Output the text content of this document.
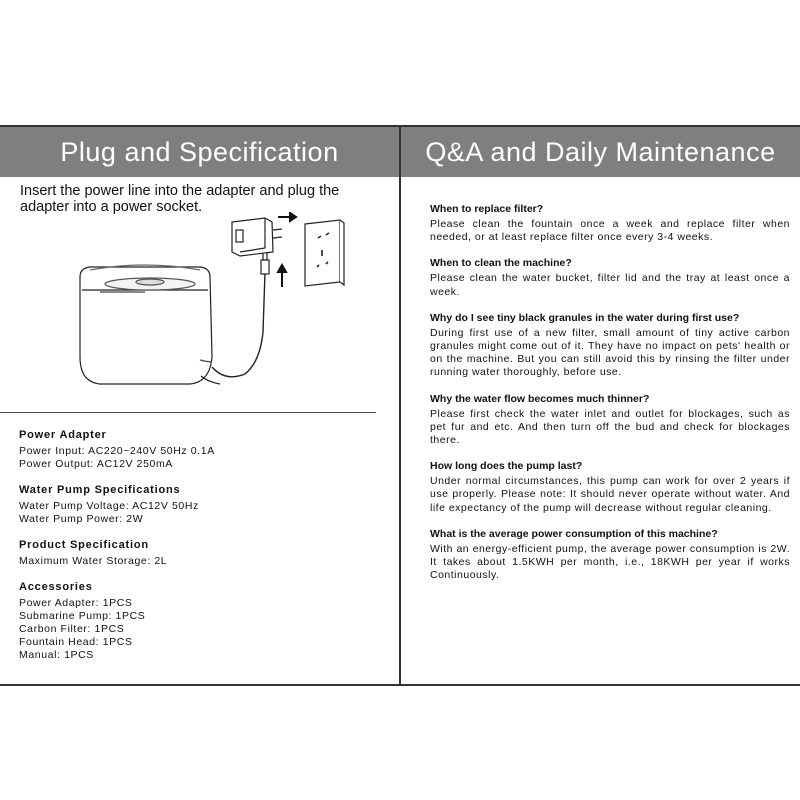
Plug and Specification	Q&A and Daily Maintenance
Insert the power line into the adapter and plug the adapter into a power socket.
Power Adapter
Power Input: AC220~240V 50Hz 0.1A
Power Output: AC12V 250mA
Water Pump Specifications
Water Pump Voltage: AC12V 50Hz
Water Pump Power: 2W
Product Specification
Maximum Water Storage: 2L
Accessories
Power Adapter: 1PCS
Submarine Pump: 1PCS
Carbon Filter: 1PCS
Fountain Head: 1PCS
Manual: 1PCS
When to replace filter?
Please clean the fountain once a week and replace filter when needed, or at least replace filter once every 3-4 weeks.
When to clean the machine?
Please clean the water bucket, filter lid and the tray at least once a week.
Why do I see tiny black granules in the water during first use?
During first use of a new filter, small amount of tiny active carbon granules might come out of it. They have no impact on pets' health or on the machine. But you can still avoid this by rinsing the filter under running water thoroughly, before use.
Why the water flow becomes much thinner?
Please first check the water inlet and outlet for blockages, such as pet fur and etc. And then turn off the bud and check for blockages there.
How long does the pump last?
Under normal circumstances, this pump can work for over 2 years if use properly. Please note: It should never operate without water. And life expectancy of the pump will decrease without regular cleaning.
What is the average power consumption of this machine?
With an energy-efficient pump, the average power consumption is 2W. It takes about 1.5KWH per month, i.e., 18KWH per year if works Continuously.
